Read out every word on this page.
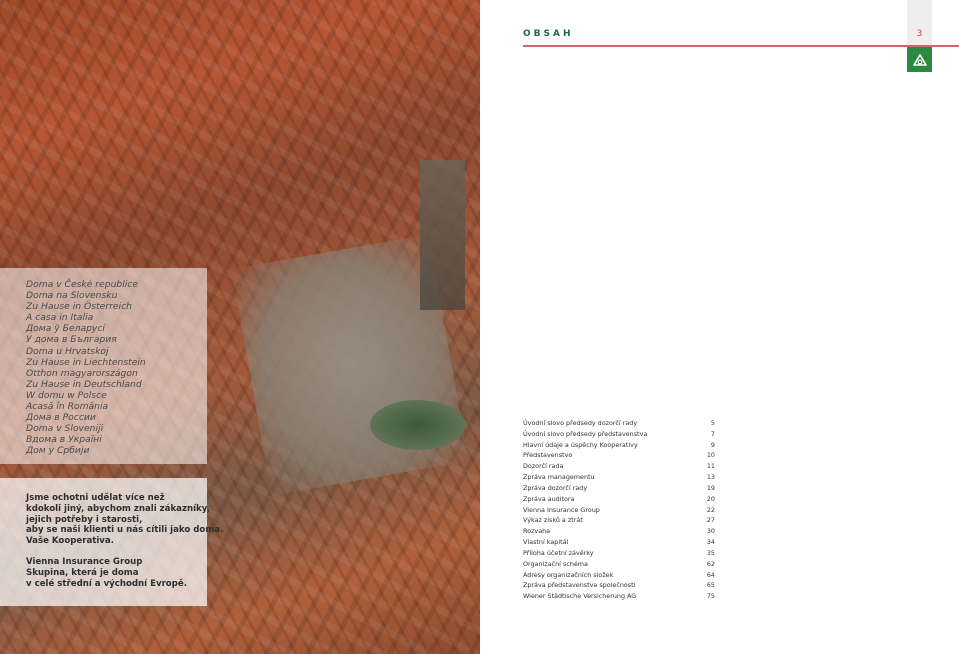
Doma v České republice
Doma na Slovensku
Zu Hause in Österreich
A casa in Italia
Дома ў Беларусі
У дома в България
Doma u Hrvatskoj
Zu Hause in Liechtenstein
Otthon magyarországon
Zu Hause in Deutschland
W domu w Polsce
Acasă în România
Дома в России
Doma v Sloveniji
Вдома в Україні
Дом у Србији

Jsme ochotni udělat více než

kdokoli jiný, abychom znali zákazníky,

jejich potřeby i starosti,

aby se naši klienti u nás cítili jako doma.

Vaše Kooperativa.

Vienna Insurance Group

Skupina, která je doma

v celé střední a východní Evropě.

OBSAH	3
Úvodní slovo předsedy dozorčí rady	5
Úvodní slovo předsedy představenstva	7
Hlavní údaje a úspěchy Kooperativy	9
Představenstvo	10
Dozorčí rada	11
Zpráva managementu	13
Zpráva dozorčí rady	19
Zpráva auditora	20
Vienna Insurance Group	22
Výkaz zisků a ztrát	27
Rozvaha	30
Vlastní kapitál	34
Příloha účetní závěrky	35
Organizační schéma	62
Adresy organizačních složek	64
Zpráva představenstva společnosti	65
Wiener Städtische Versicherung AG	75
